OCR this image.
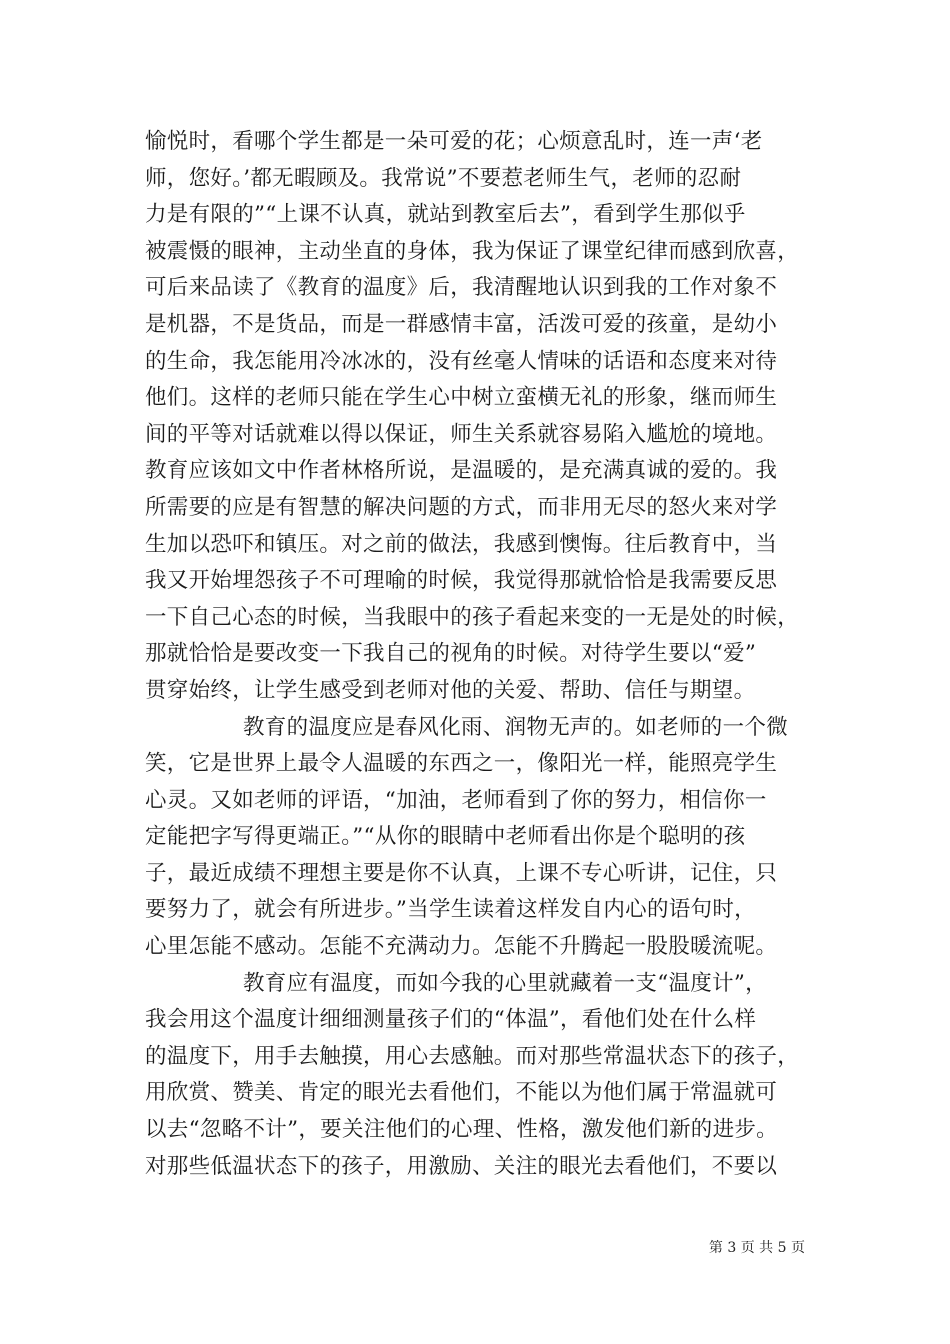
愉悦时，看哪个学生都是一朵可爱的花；心烦意乱时，连一声‘老
师，您好。’都无暇顾及。我常说”不要惹老师生气，老师的忍耐
力是有限的”“上课不认真，就站到教室后去”，看到学生那似乎
被震慑的眼神，主动坐直的身体，我为保证了课堂纪律而感到欣喜，
可后来品读了《教育的温度》后，我清醒地认识到我的工作对象不
是机器，不是货品，而是一群感情丰富，活泼可爱的孩童，是幼小
的生命，我怎能用冷冰冰的，没有丝毫人情味的话语和态度来对待
他们。这样的老师只能在学生心中树立蛮横无礼的形象，继而师生
间的平等对话就难以得以保证，师生关系就容易陷入尴尬的境地。
教育应该如文中作者林格所说，是温暖的，是充满真诚的爱的。我
所需要的应是有智慧的解决问题的方式，而非用无尽的怒火来对学
生加以恐吓和镇压。对之前的做法，我感到懊悔。往后教育中，当
我又开始埋怨孩子不可理喻的时候，我觉得那就恰恰是我需要反思
一下自己心态的时候，当我眼中的孩子看起来变的一无是处的时候，
那就恰恰是要改变一下我自己的视角的时候。对待学生要以“爱”
贯穿始终，让学生感受到老师对他的关爱、帮助、信任与期望。

教育的温度应是春风化雨、润物无声的。如老师的一个微
笑，它是世界上最令人温暖的东西之一，像阳光一样，能照亮学生
心灵。又如老师的评语，“加油，老师看到了你的努力，相信你一
定能把字写得更端正。”“从你的眼睛中老师看出你是个聪明的孩
子，最近成绩不理想主要是你不认真，上课不专心听讲，记住，只
要努力了，就会有所进步。”当学生读着这样发自内心的语句时，
心里怎能不感动。怎能不充满动力。怎能不升腾起一股股暖流呢。

教育应有温度，而如今我的心里就藏着一支“温度计”，
我会用这个温度计细细测量孩子们的“体温”，看他们处在什么样
的温度下，用手去触摸，用心去感触。而对那些常温状态下的孩子，
用欣赏、赞美、肯定的眼光去看他们，不能以为他们属于常温就可
以去“忽略不计”，要关注他们的心理、性格，激发他们新的进步。
对那些低温状态下的孩子，用激励、关注的眼光去看他们，不要以

第 3 页 共 5 页
